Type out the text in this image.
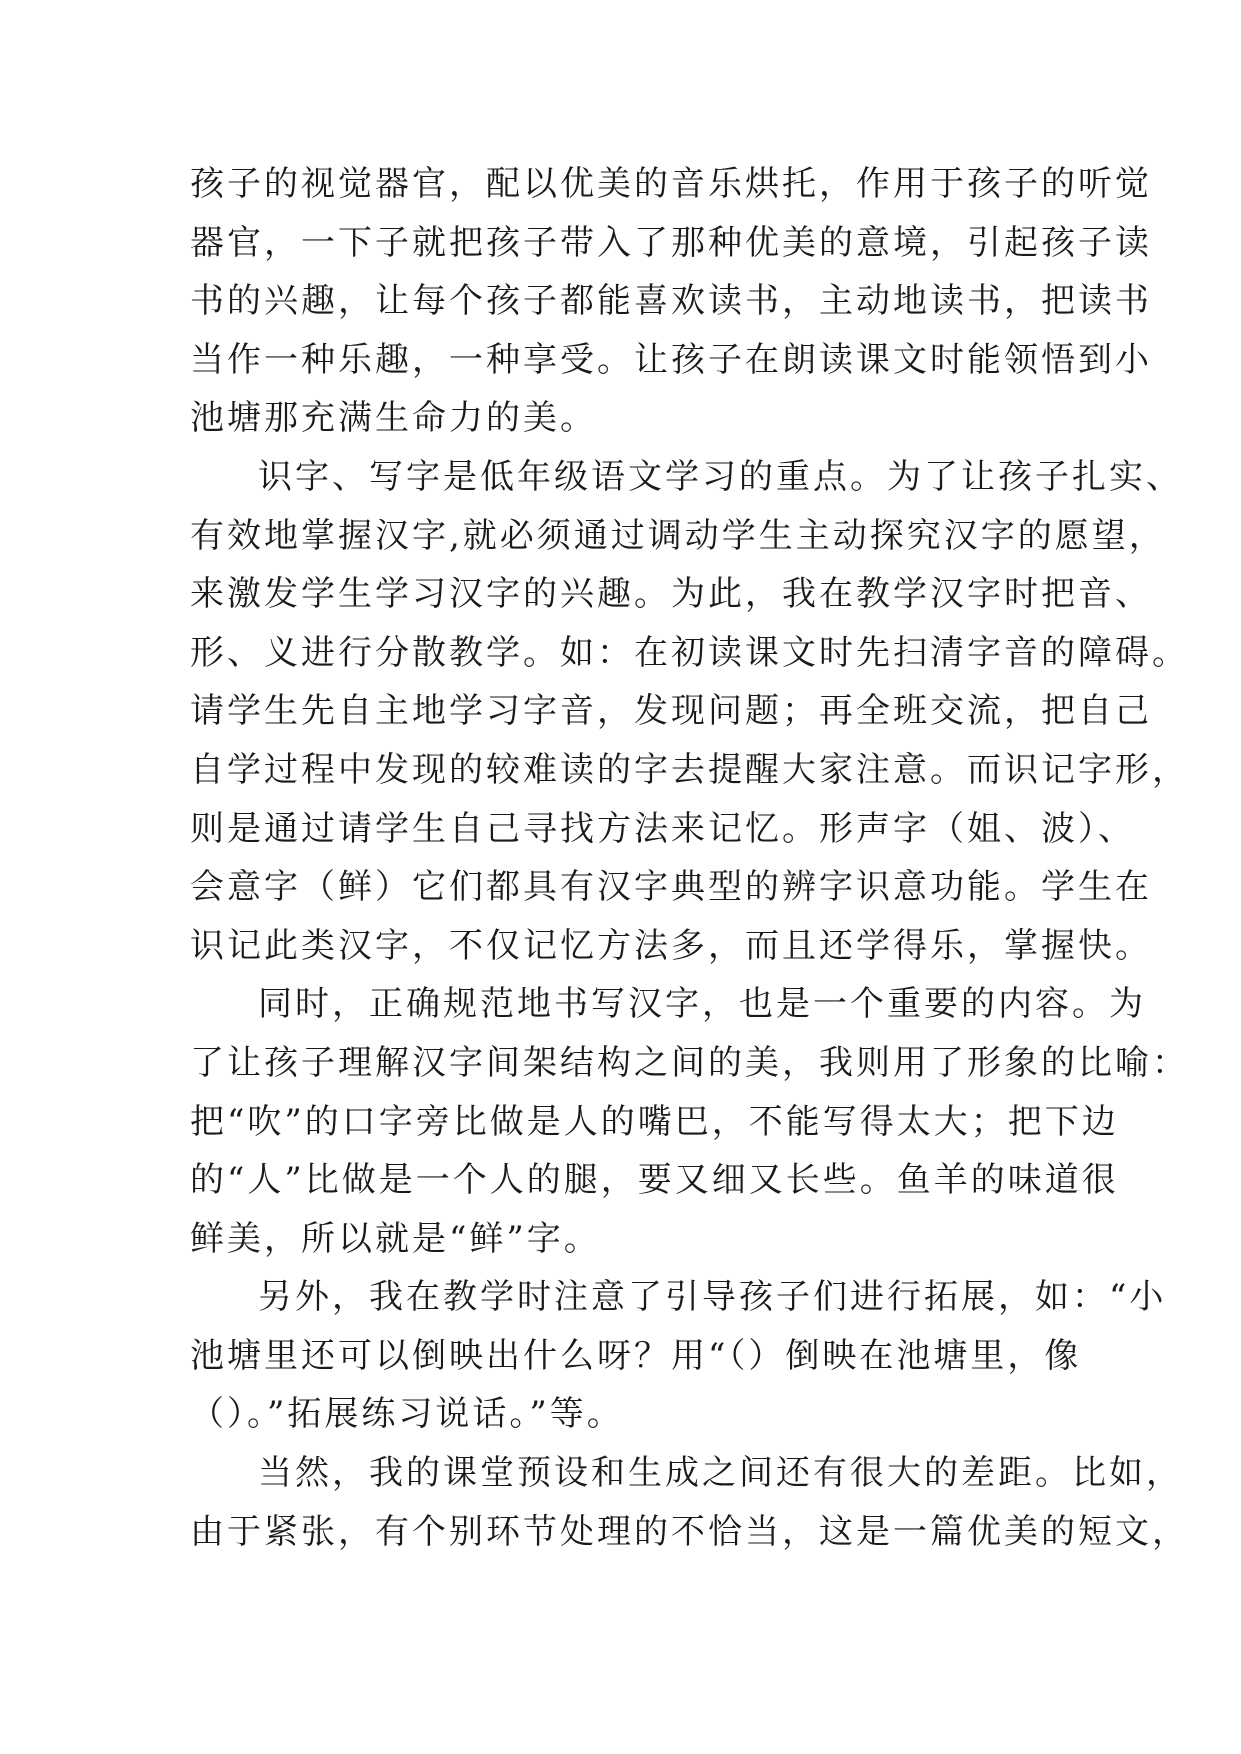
孩子的视觉器官，配以优美的音乐烘托，作用于孩子的听觉
器官，一下子就把孩子带入了那种优美的意境，引起孩子读
书的兴趣，让每个孩子都能喜欢读书，主动地读书，把读书
当作一种乐趣，一种享受。让孩子在朗读课文时能领悟到小
池塘那充满生命力的美。
识字、写字是低年级语文学习的重点。为了让孩子扎实、
有效地掌握汉字,就必须通过调动学生主动探究汉字的愿望，
来激发学生学习汉字的兴趣。为此，我在教学汉字时把音、
形、义进行分散教学。如：在初读课文时先扫清字音的障碍。
请学生先自主地学习字音，发现问题；再全班交流，把自己
自学过程中发现的较难读的字去提醒大家注意。而识记字形，
则是通过请学生自己寻找方法来记忆。形声字（姐、波）、
会意字（鲜）它们都具有汉字典型的辨字识意功能。学生在
识记此类汉字，不仅记忆方法多，而且还学得乐，掌握快。
同时，正确规范地书写汉字，也是一个重要的内容。为
了让孩子理解汉字间架结构之间的美，我则用了形象的比喻：
把“吹”的口字旁比做是人的嘴巴，不能写得太大；把下边
的“人”比做是一个人的腿，要又细又长些。鱼羊的味道很
鲜美，所以就是“鲜”字。
另外，我在教学时注意了引导孩子们进行拓展，如：“小
池塘里还可以倒映出什么呀？用“（）倒映在池塘里，像
（）。”拓展练习说话。”等。
当然，我的课堂预设和生成之间还有很大的差距。比如，
由于紧张，有个别环节处理的不恰当，这是一篇优美的短文，
